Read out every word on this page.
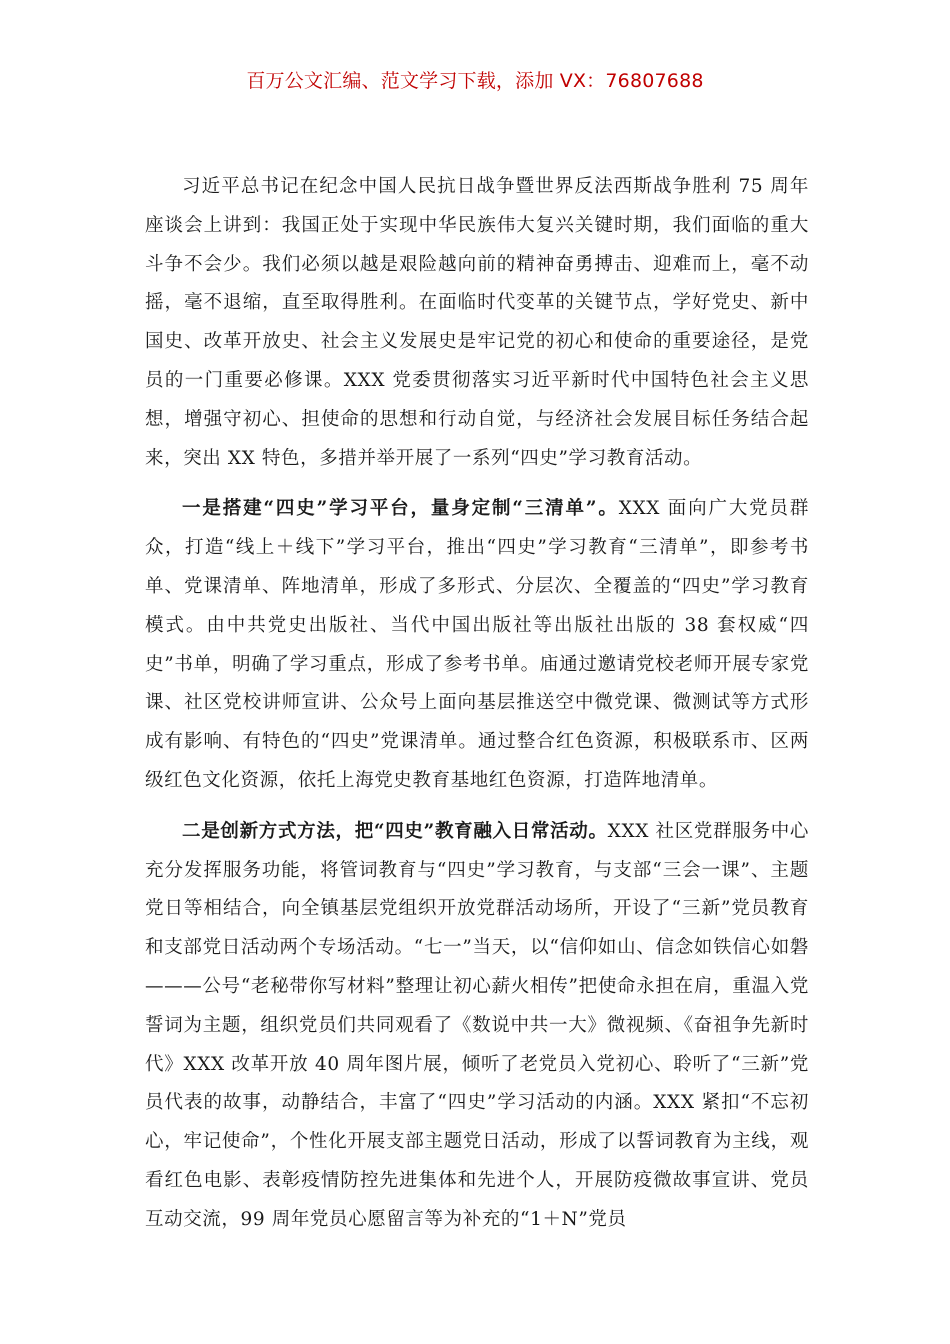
百万公文汇编、范文学习下载，添加 VX：76807688

习近平总书记在纪念中国人民抗日战争暨世界反法西斯战争胜利 75 周年座谈会上讲到：我国正处于实现中华民族伟大复兴关键时期，我们面临的重大斗争不会少。我们必须以越是艰险越向前的精神奋勇搏击、迎难而上，毫不动摇，毫不退缩，直至取得胜利。在面临时代变革的关键节点，学好党史、新中国史、改革开放史、社会主义发展史是牢记党的初心和使命的重要途径，是党员的一门重要必修课。XXX 党委贯彻落实习近平新时代中国特色社会主义思想，增强守初心、担使命的思想和行动自觉，与经济社会发展目标任务结合起来，突出 XX 特色，多措并举开展了一系列“四史”学习教育活动。

一是搭建“四史”学习平台，量身定制“三清单”。XXX 面向广大党员群众，打造“线上＋线下”学习平台，推出“四史”学习教育“三清单”，即参考书单、党课清单、阵地清单，形成了多形式、分层次、全覆盖的“四史”学习教育模式。由中共党史出版社、当代中国出版社等出版社出版的 38 套权威“四史”书单，明确了学习重点，形成了参考书单。庙通过邀请党校老师开展专家党课、社区党校讲师宣讲、公众号上面向基层推送空中微党课、微测试等方式形成有影响、有特色的“四史”党课清单。通过整合红色资源，积极联系市、区两级红色文化资源，依托上海党史教育基地红色资源，打造阵地清单。

二是创新方式方法，把“四史”教育融入日常活动。XXX 社区党群服务中心充分发挥服务功能，将管词教育与“四史”学习教育，与支部“三会一课”、主题党日等相结合，向全镇基层党组织开放党群活动场所，开设了“三新”党员教育和支部党日活动两个专场活动。“七一”当天，以“信仰如山、信念如铁信心如磐———公号“老秘带你写材料”整理让初心薪火相传”把使命永担在肩，重温入党誓词为主题，组织党员们共同观看了《数说中共一大》微视频、《奋祖争先新时代》XXX 改革开放 40 周年图片展，倾听了老党员入党初心、聆听了“三新”党员代表的故事，动静结合，丰富了“四史”学习活动的内涵。XXX 紧扣“不忘初心，牢记使命”，个性化开展支部主题党日活动，形成了以誓词教育为主线，观看红色电影、表彰疫情防控先进集体和先进个人，开展防疫微故事宣讲、党员互动交流，99 周年党员心愿留言等为补充的“1＋N”党员
